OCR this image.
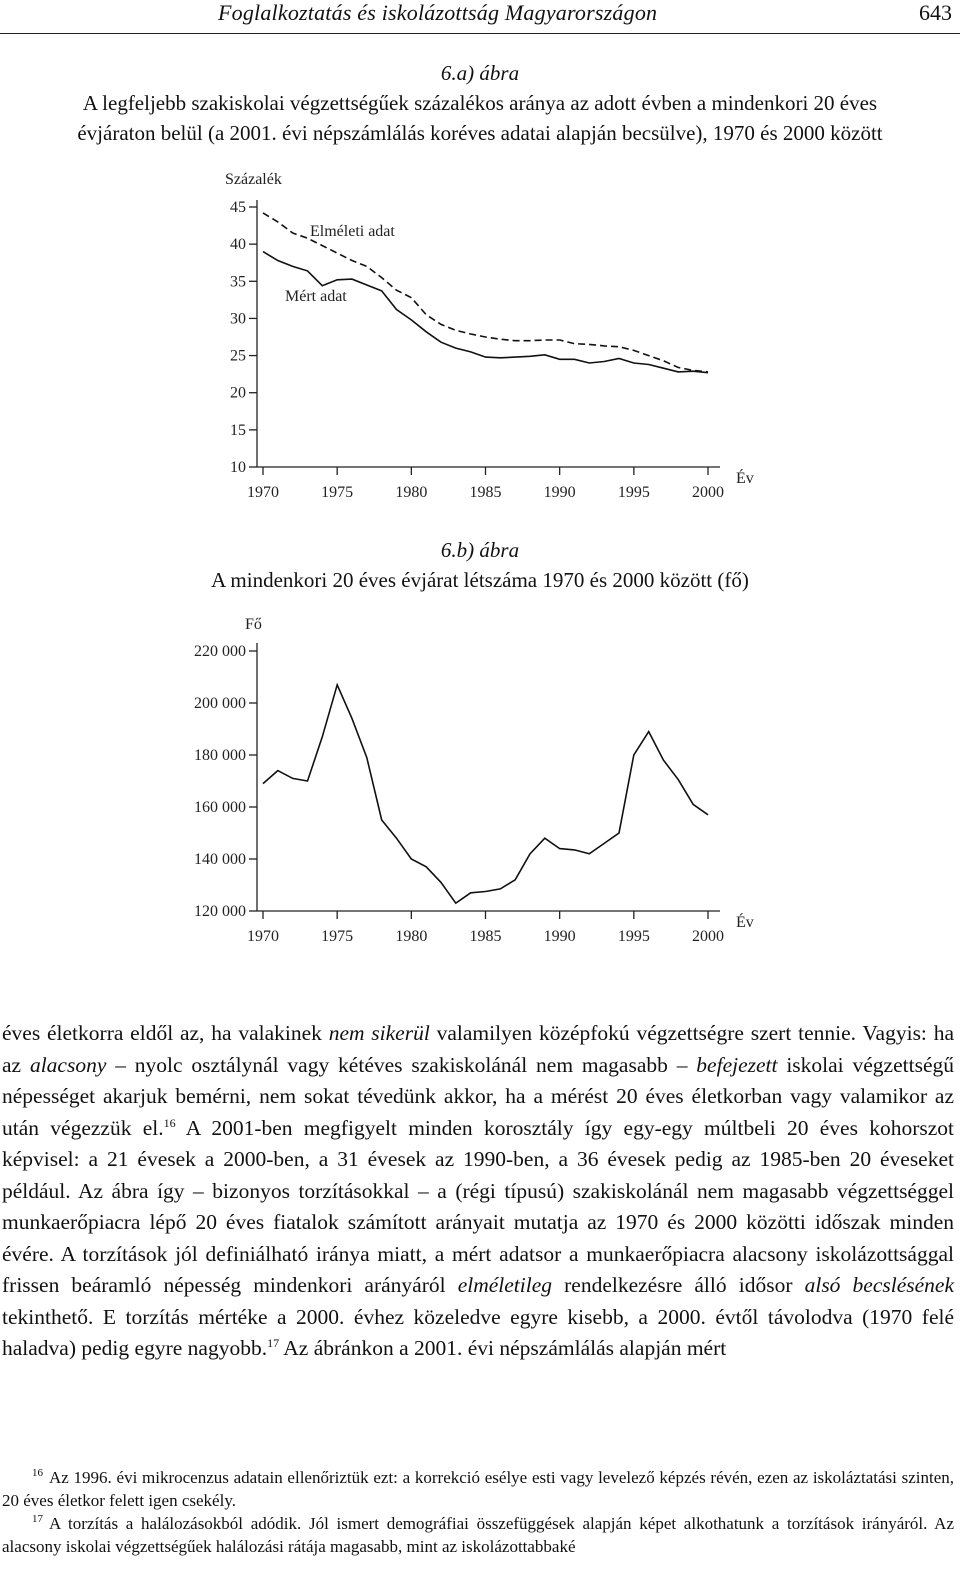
Foglalkoztatás és iskolázottság Magyarországon	643
6.a) ábra
A legfeljebb szakiskolai végzettségűek százalékos aránya az adott évben a mindenkori 20 éves
évjáraton belül (a 2001. évi népszámlálás koréves adatai alapján becsülve), 1970 és 2000 között
Százalék
Év
45
40
35
30
25
20
15
10
1970	1975	1980	1985	1990	1995	2000
Elméleti adat
Mért adat
6.b) ábra
A mindenkori 20 éves évjárat létszáma 1970 és 2000 között (fő)
Fő
Év
220 000
200 000
180 000
160 000
140 000
120 000
1970	1975	1980	1985	1990	1995	2000

éves életkorra eldől az, ha valakinek nem sikerül valamilyen középfokú végzettségre szert tennie. Vagyis: ha az alacsony – nyolc osztálynál vagy kétéves szakiskolánál nem magasabb – befejezett iskolai végzettségű népességet akarjuk bemérni, nem sokat tévedünk akkor, ha a mérést 20 éves életkorban vagy valamikor az után végezzük el.$^{16}$ A 2001-ben megfigyelt minden korosztály így egy-egy múltbeli 20 éves kohorszot képvisel: a 21 évesek a 2000-ben, a 31 évesek az 1990-ben, a 36 évesek pedig az 1985-ben 20 éveseket például. Az ábra így – bizonyos torzításokkal – a (régi típusú) szakiskolánál nem magasabb végzettséggel munkaerőpiacra lépő 20 éves fiatalok számított arányait mutatja az 1970 és 2000 közötti időszak minden évére. A torzítások jól definiálható iránya miatt, a mért adatsor a munkaerőpiacra alacsony iskolázottsággal frissen beáramló népesség mindenkori arányáról elméletileg rendelkezésre álló idősor alsó becslésének tekinthető. E torzítás mértéke a 2000. évhez közeledve egyre kisebb, a 2000. évtől távolodva (1970 felé haladva) pedig egyre nagyobb.$^{17}$ Az ábránkon a 2001. évi népszámlálás alapján mért

$^{16}$ Az 1996. évi mikrocenzus adatain ellenőriztük ezt: a korrekció esélye esti vagy levelező képzés révén, ezen az iskoláztatási szinten, 20 éves életkor felett igen csekély.

$^{17}$ A torzítás a halálozásokból adódik. Jól ismert demográfiai összefüggések alapján képet alkothatunk a torzítások irányáról. Az alacsony iskolai végzettségűek halálozási rátája magasabb, mint az iskolázottabbaké
